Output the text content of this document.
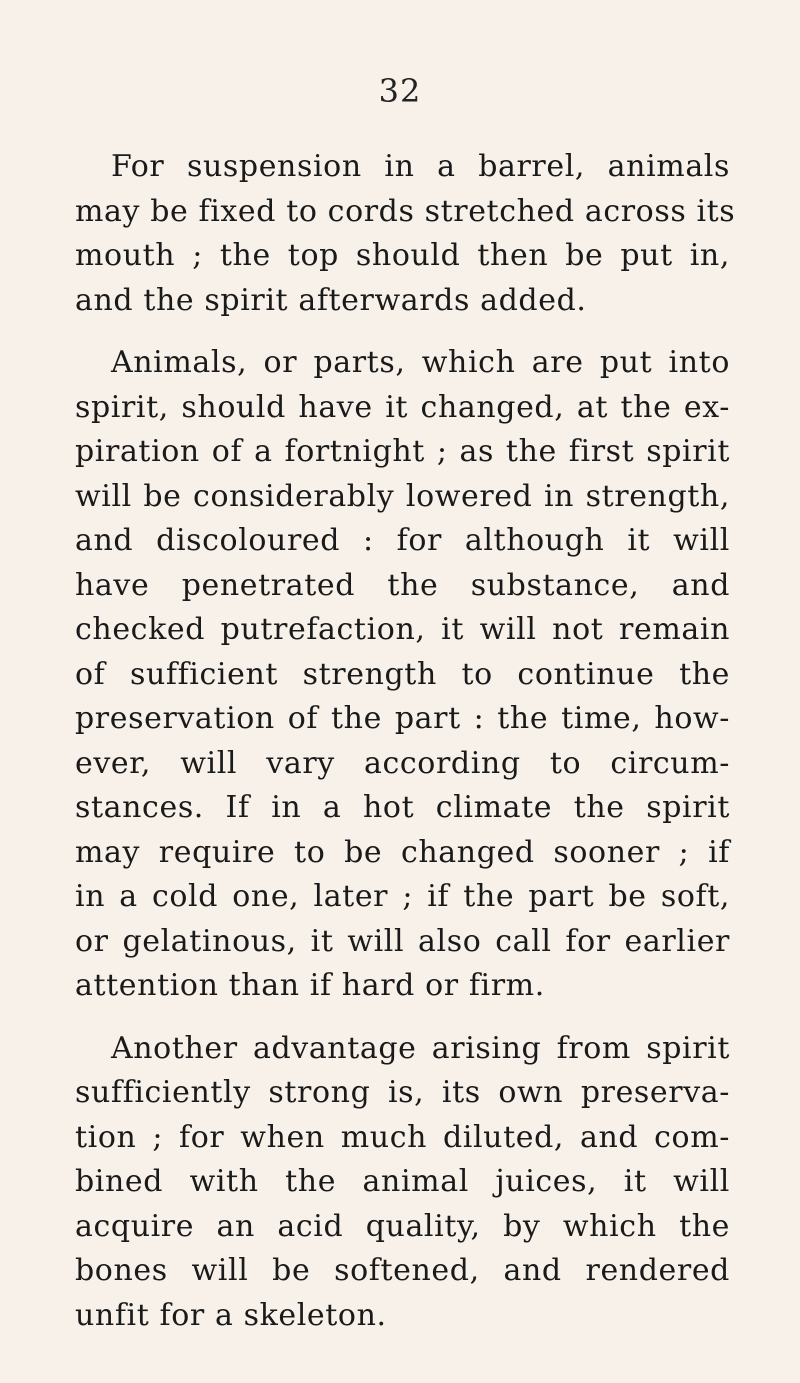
32
For suspension in a barrel, animals
may be fixed to cords stretched across its
mouth ; the top should then be put in,
and the spirit afterwards added.
Animals, or parts, which are put into
spirit, should have it changed, at the ex-
piration of a fortnight ; as the first spirit
will be considerably lowered in strength,
and discoloured : for although it will
have penetrated the substance, and
checked putrefaction, it will not remain
of sufficient strength to continue the
preservation of the part : the time, how-
ever, will vary according to circum-
stances. If in a hot climate the spirit
may require to be changed sooner ; if
in a cold one, later ; if the part be soft,
or gelatinous, it will also call for earlier
attention than if hard or firm.
Another advantage arising from spirit
sufficiently strong is, its own preserva-
tion ; for when much diluted, and com-
bined with the animal juices, it will
acquire an acid quality, by which the
bones will be softened, and rendered
unfit for a skeleton.
